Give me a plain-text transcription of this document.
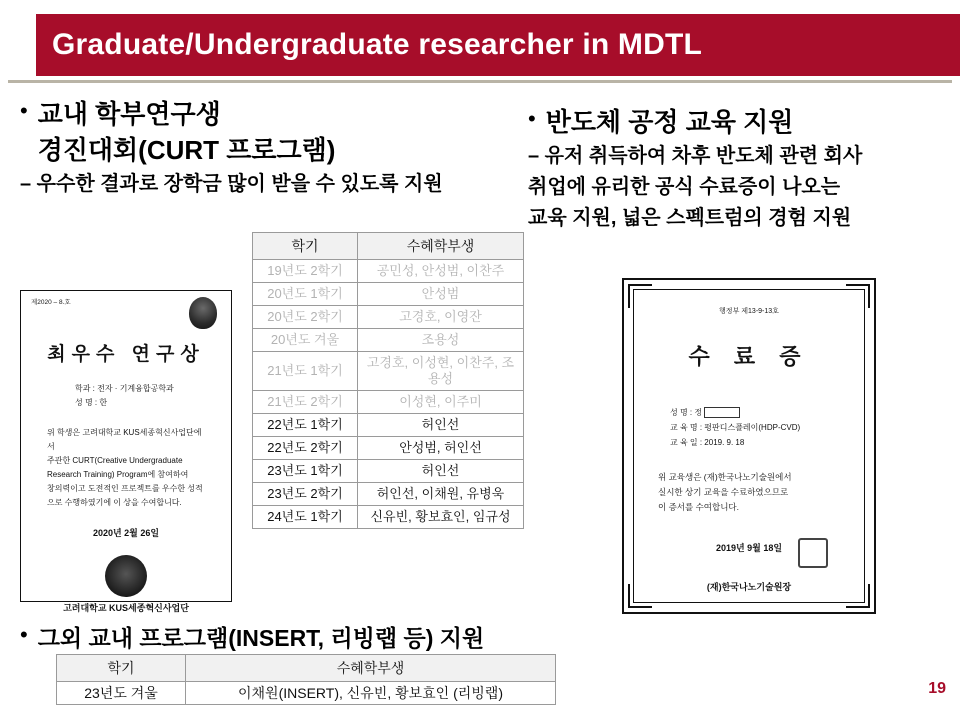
Graduate/Undergraduate researcher in MDTL
• 교내 학부연구생
경진대회(CURT 프로그램)
– 우수한 결과로 장학금 많이 받을 수 있도록 지원
• 반도체 공정 교육 지원
– 유저 취득하여 차후 반도체 관련 회사
취업에 유리한 공식 수료증이 나오는
교육 지원, 넓은 스펙트럼의 경험 지원
제2020 – 8.호
최우수 연구상
학과 : 전자 · 기계융합공학과
성 명 : 한
위 학생은 고려대학교 KUS세종혁신사업단에서
주관한 CURT(Creative Undergraduate
Research Training) Program에 참여하여
창의력이고 도전적인 프로젝트를 우수한 성적
으로 수행하였기에 이 상을 수여합니다.
2020년 2월 26일
고려대학교 KUS세종혁신사업단
행정부 제13-9-13호
수 료 증
성 명 : 정
교 육 명 : 평판디스플레이(HDP-CVD)
교 육 일 : 2019. 9. 18
위 교육생은 (재)한국나노기술원에서
실시한 상기 교육을 수료하였으므로
이 증서를 수여합니다.
2019년 9월 18일
(재)한국나노기술원장
학기	수혜학부생
19년도 2학기	공민성, 안성범, 이찬주
20년도 1학기	안성범
20년도 2학기	고경호, 이영잔
20년도 겨울	조용성
21년도 1학기	고경호, 이성현, 이찬주, 조용성
21년도 2학기	이성현, 이주미
22년도 1학기	허인선
22년도 2학기	안성범, 허인선
23년도 1학기	허인선
23년도 2학기	허인선, 이채원, 유병욱
24년도 1학기	신유빈, 황보효인, 임규성
• 그외 교내 프로그램(INSERT, 리빙랩 등) 지원
학기	수혜학부생
23년도 겨울	이채원(INSERT), 신유빈, 황보효인 (리빙랩)	19
